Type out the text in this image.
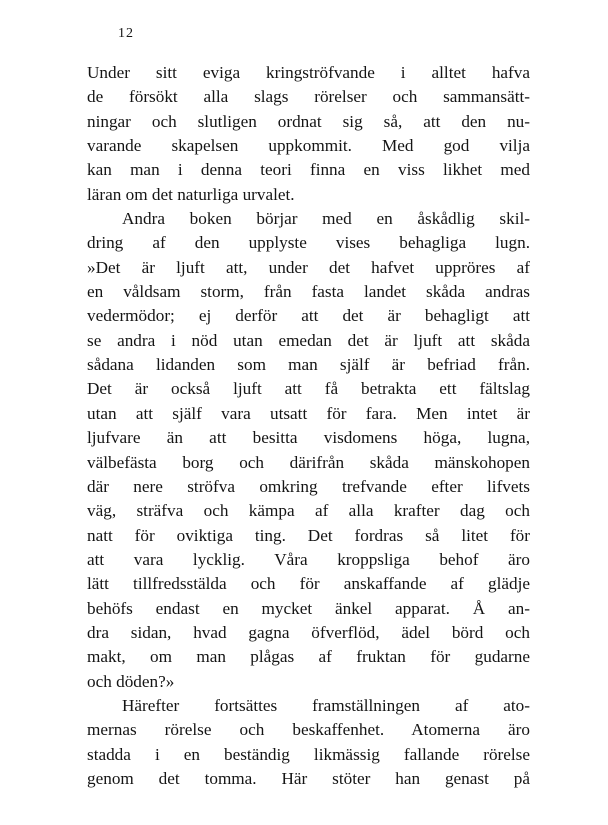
12
Under sitt eviga kringströfvande i alltet hafva
de försökt alla slags rörelser och sammansätt-
ningar och slutligen ordnat sig så, att den nu-
varande skapelsen uppkommit. Med god vilja
kan man i denna teori finna en viss likhet med
läran om det naturliga urvalet.
Andra boken börjar med en åskådlig skil-
dring af den upplyste vises behagliga lugn.
»Det är ljuft att, under det hafvet uppröres af
en våldsam storm, från fasta landet skåda andras
vedermödor; ej derför att det är behagligt att
se andra i nöd utan emedan det är ljuft att skåda
sådana lidanden som man själf är befriad från.
Det är också ljuft att få betrakta ett fältslag
utan att själf vara utsatt för fara. Men intet är
ljufvare än att besitta visdomens höga, lugna,
välbefästa borg och därifrån skåda mänskohopen
där nere ströfva omkring trefvande efter lifvets
väg, sträfva och kämpa af alla krafter dag och
natt för oviktiga ting. Det fordras så litet för
att vara lycklig. Våra kroppsliga behof äro
lätt tillfredsstälda och för anskaffande af glädje
behöfs endast en mycket änkel apparat. Å an-
dra sidan, hvad gagna öfverflöd, ädel börd och
makt, om man plågas af fruktan för gudarne
och döden?»
Härefter fortsättes framställningen af ato-
mernas rörelse och beskaffenhet. Atomerna äro
stadda i en beständig likmässig fallande rörelse
genom det tomma. Här stöter han genast på
